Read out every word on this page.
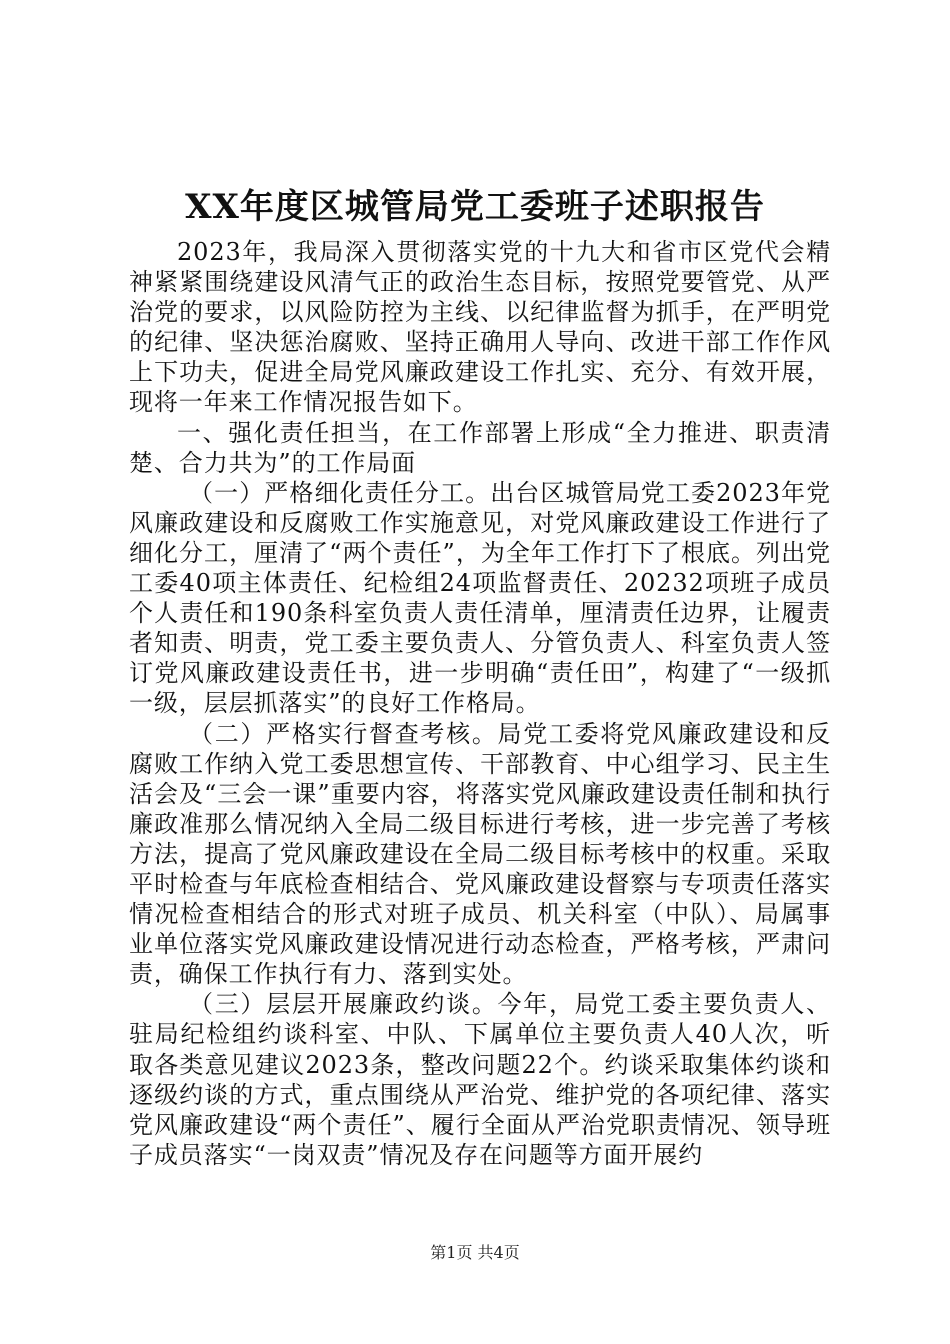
XX年度区城管局党工委班子述职报告

2023年，我局深入贯彻落实党的十九大和省市区党代会精神紧紧围绕建设风清气正的政治生态目标，按照党要管党、从严治党的要求，以风险防控为主线、以纪律监督为抓手，在严明党的纪律、坚决惩治腐败、坚持正确用人导向、改进干部工作作风上下功夫，促进全局党风廉政建设工作扎实、充分、有效开展，现将一年来工作情况报告如下。

一、强化责任担当，在工作部署上形成“全力推进、职责清楚、合力共为”的工作局面

（一）严格细化责任分工。出台区城管局党工委2023年党风廉政建设和反腐败工作实施意见，对党风廉政建设工作进行了细化分工，厘清了“两个责任”，为全年工作打下了根底。列出党工委40项主体责任、纪检组24项监督责任、20232项班子成员个人责任和190条科室负责人责任清单，厘清责任边界，让履责者知责、明责，党工委主要负责人、分管负责人、科室负责人签订党风廉政建设责任书，进一步明确“责任田”，构建了“一级抓一级，层层抓落实”的良好工作格局。

（二）严格实行督查考核。局党工委将党风廉政建设和反腐败工作纳入党工委思想宣传、干部教育、中心组学习、民主生活会及“三会一课”重要内容，将落实党风廉政建设责任制和执行廉政准那么情况纳入全局二级目标进行考核，进一步完善了考核方法，提高了党风廉政建设在全局二级目标考核中的权重。采取平时检查与年底检查相结合、党风廉政建设督察与专项责任落实情况检查相结合的形式对班子成员、机关科室（中队）、局属事业单位落实党风廉政建设情况进行动态检查，严格考核，严肃问责，确保工作执行有力、落到实处。

（三）层层开展廉政约谈。今年，局党工委主要负责人、驻局纪检组约谈科室、中队、下属单位主要负责人40人次，听取各类意见建议2023条，整改问题22个。约谈采取集体约谈和逐级约谈的方式，重点围绕从严治党、维护党的各项纪律、落实党风廉政建设“两个责任”、履行全面从严治党职责情况、领导班子成员落实“一岗双责”情况及存在问题等方面开展约

第1页 共4页
